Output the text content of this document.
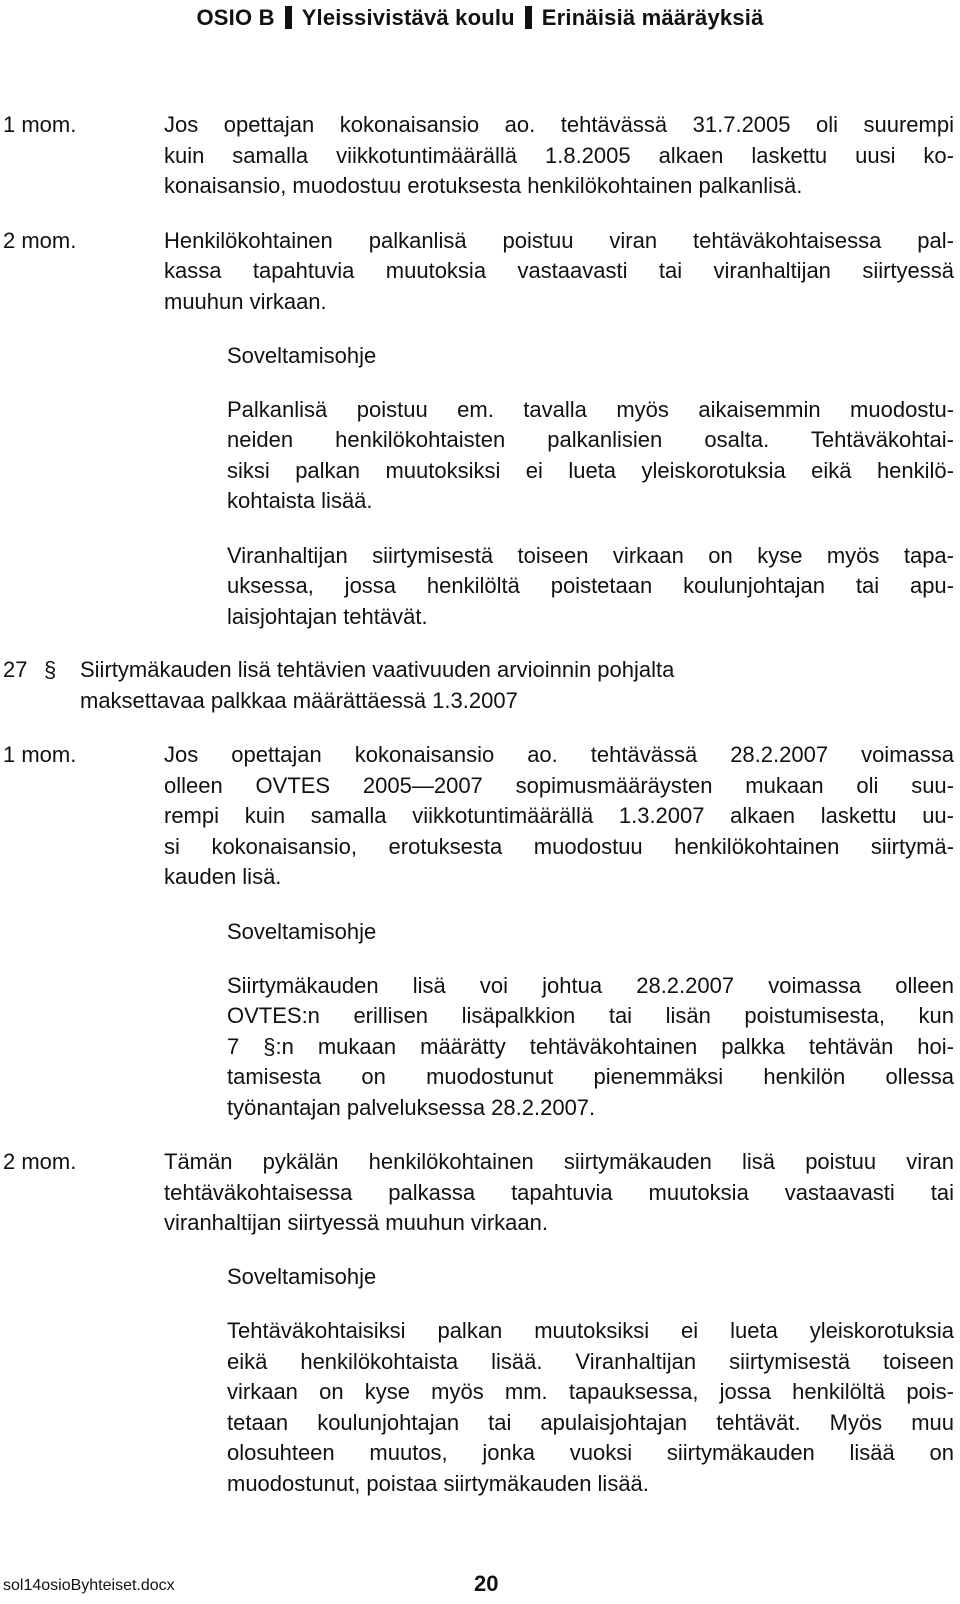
OSIO B Yleissivistävä koulu Erinäisiä määräyksiä
1 mom.	Jos opettajan kokonaisansio ao. tehtävässä 31.7.2005 oli suurempi
kuin samalla viikkotuntimäärällä 1.8.2005 alkaen laskettu uusi ko-
konaisansio, muodostuu erotuksesta henkilökohtainen palkanlisä.
2 mom.	Henkilökohtainen palkanlisä poistuu viran tehtäväkohtaisessa pal-
kassa tapahtuvia muutoksia vastaavasti tai viranhaltijan siirtyessä
muuhun virkaan.
Soveltamisohje
Palkanlisä poistuu em. tavalla myös aikaisemmin muodostu-
neiden henkilökohtaisten palkanlisien osalta. Tehtäväkohtai-
siksi palkan muutoksiksi ei lueta yleiskorotuksia eikä henkilö-
kohtaista lisää.
Viranhaltijan siirtymisestä toiseen virkaan on kyse myös tapa-
uksessa, jossa henkilöltä poistetaan koulunjohtajan tai apu-
laisjohtajan tehtävät.
27 § Siirtymäkauden lisä tehtävien vaativuuden arvioinnin pohjalta
maksettavaa palkkaa määrättäessä 1.3.2007
1 mom.	Jos opettajan kokonaisansio ao. tehtävässä 28.2.2007 voimassa
olleen OVTES 2005—2007 sopimusmääräysten mukaan oli suu-
rempi kuin samalla viikkotuntimäärällä 1.3.2007 alkaen laskettu uu-
si kokonaisansio, erotuksesta muodostuu henkilökohtainen siirtymä-
kauden lisä.
Soveltamisohje
Siirtymäkauden lisä voi johtua 28.2.2007 voimassa olleen
OVTES:n erillisen lisäpalkkion tai lisän poistumisesta, kun
7 §:n mukaan määrätty tehtäväkohtainen palkka tehtävän hoi-
tamisesta on muodostunut pienemmäksi henkilön ollessa
työnantajan palveluksessa 28.2.2007.
2 mom.	Tämän pykälän henkilökohtainen siirtymäkauden lisä poistuu viran
tehtäväkohtaisessa palkassa tapahtuvia muutoksia vastaavasti tai
viranhaltijan siirtyessä muuhun virkaan.
Soveltamisohje
Tehtäväkohtaisiksi palkan muutoksiksi ei lueta yleiskorotuksia
eikä henkilökohtaista lisää. Viranhaltijan siirtymisestä toiseen
virkaan on kyse myös mm. tapauksessa, jossa henkilöltä pois-
tetaan koulunjohtajan tai apulaisjohtajan tehtävät. Myös muu
olosuhteen muutos, jonka vuoksi siirtymäkauden lisää on
muodostunut, poistaa siirtymäkauden lisää.
sol14osioByhteiset.docx	20
